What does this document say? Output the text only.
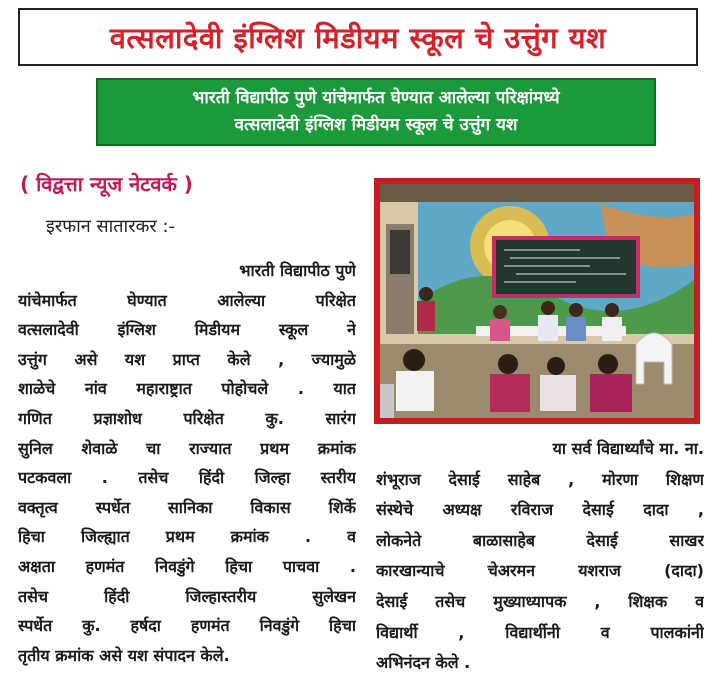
वत्सलादेवी इंग्लिश मिडीयम स्कूल चे उत्तुंग यश
भारती विद्यापीठ पुणे यांचेमार्फत घेण्यात आलेल्या परिक्षांमध्ये
वत्सलादेवी इंग्लिश मिडीयम स्कूल चे उत्तुंग यश
( विद्वत्ता न्यूज नेटवर्क )
इरफान सातारकर :-
भारती विद्यापीठ पुणे
यांचेमार्फत घेण्यात आलेल्या परिक्षेत
वत्सलादेवी इंग्लिश मिडीयम स्कूल ने
उत्तुंग असे यश प्राप्त केले , ज्यामुळे
शाळेचे नांव महाराष्ट्रात पोहोचले . यात
गणित प्रज्ञाशोध परिक्षेत कु. सारंग
सुनिल शेवाळे चा राज्यात प्रथम क्रमांक
पटकवला . तसेच हिंदी जिल्हा स्तरीय
वक्तृत्व स्पर्धेत सानिका विकास शिर्के
हिचा जिल्ह्यात प्रथम क्रमांक . व
अक्षता हणमंत निवडुंगे हिचा पाचवा .
तसेच हिंदी जिल्हास्तरीय सुलेखन
स्पर्धेत कु. हर्षदा हणमंत निवडुंगे हिचा
तृतीय क्रमांक असे यश संपादन केले.
या सर्व विद्यार्थ्यांचे मा. ना.
शंभूराज देसाई साहेब , मोरणा शिक्षण
संस्थेचे अध्यक्ष रविराज देसाई दादा ,
लोकनेते बाळासाहेब देसाई साखर
कारखान्याचे चेअरमन यशराज (दादा)
देसाई तसेच मुख्याध्यापक , शिक्षक व
विद्यार्थी , विद्यार्थीनी व पालकांनी
अभिनंदन केले .
